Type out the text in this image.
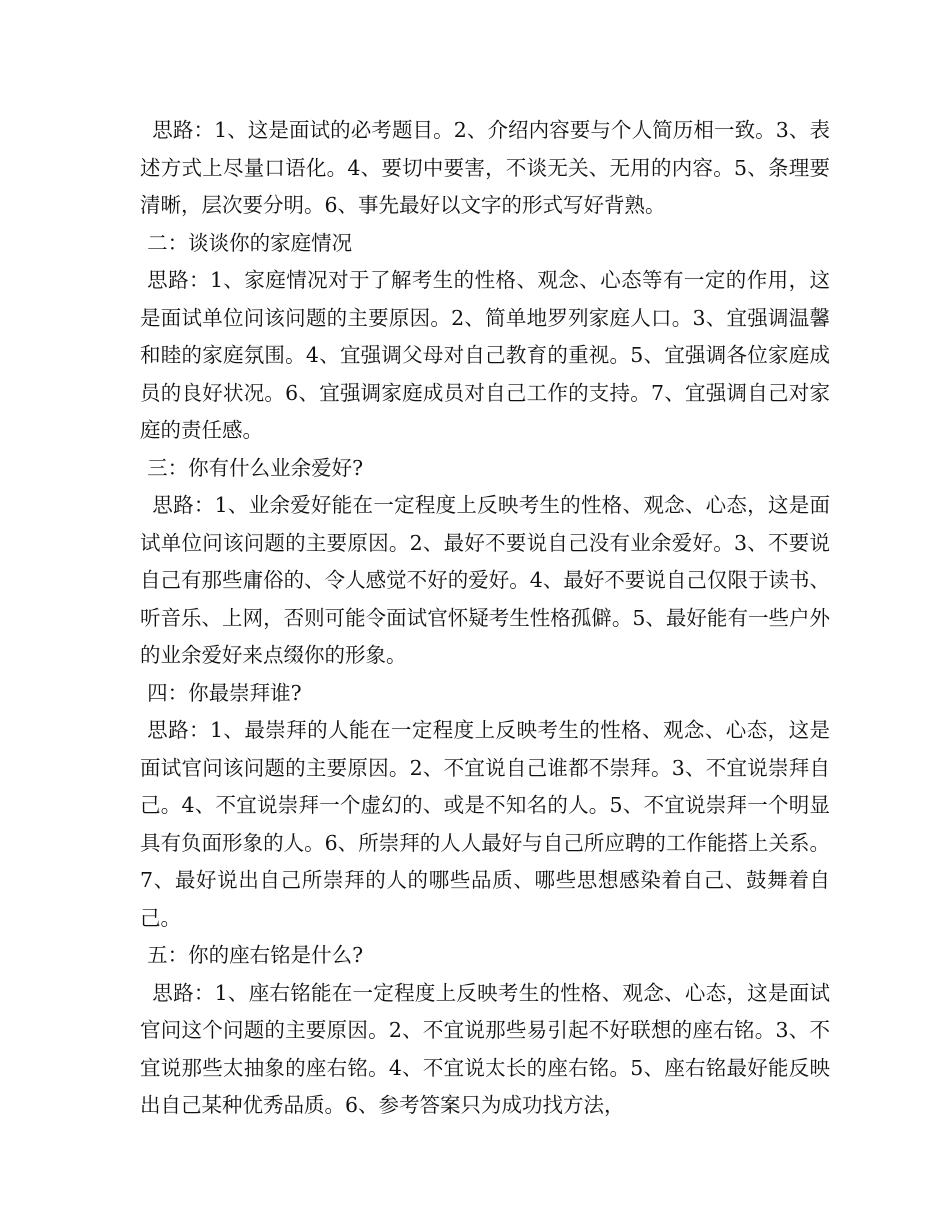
思路：1、这是面试的必考题目。2、介绍内容要与个人简历相一致。3、表述方式上尽量口语化。4、要切中要害，不谈无关、无用的内容。5、条理要清晰，层次要分明。6、事先最好以文字的形式写好背熟。

二：谈谈你的家庭情况

思路：1、家庭情况对于了解考生的性格、观念、心态等有一定的作用，这是面试单位问该问题的主要原因。2、简单地罗列家庭人口。3、宜强调温馨和睦的家庭氛围。4、宜强调父母对自己教育的重视。5、宜强调各位家庭成员的良好状况。6、宜强调家庭成员对自己工作的支持。7、宜强调自己对家庭的责任感。

三：你有什么业余爱好?

思路：1、业余爱好能在一定程度上反映考生的性格、观念、心态，这是面试单位问该问题的主要原因。2、最好不要说自己没有业余爱好。3、不要说自己有那些庸俗的、令人感觉不好的爱好。4、最好不要说自己仅限于读书、听音乐、上网，否则可能令面试官怀疑考生性格孤僻。5、最好能有一些户外的业余爱好来点缀你的形象。

四：你最崇拜谁?

思路：1、最崇拜的人能在一定程度上反映考生的性格、观念、心态，这是面试官问该问题的主要原因。2、不宜说自己谁都不崇拜。3、不宜说崇拜自己。4、不宜说崇拜一个虚幻的、或是不知名的人。5、不宜说崇拜一个明显具有负面形象的人。6、所崇拜的人人最好与自己所应聘的工作能搭上关系。7、最好说出自己所崇拜的人的哪些品质、哪些思想感染着自己、鼓舞着自己。

五：你的座右铭是什么?

思路：1、座右铭能在一定程度上反映考生的性格、观念、心态，这是面试官问这个问题的主要原因。2、不宜说那些易引起不好联想的座右铭。3、不宜说那些太抽象的座右铭。4、不宜说太长的座右铭。5、座右铭最好能反映出自己某种优秀品质。6、参考答案只为成功找方法，
